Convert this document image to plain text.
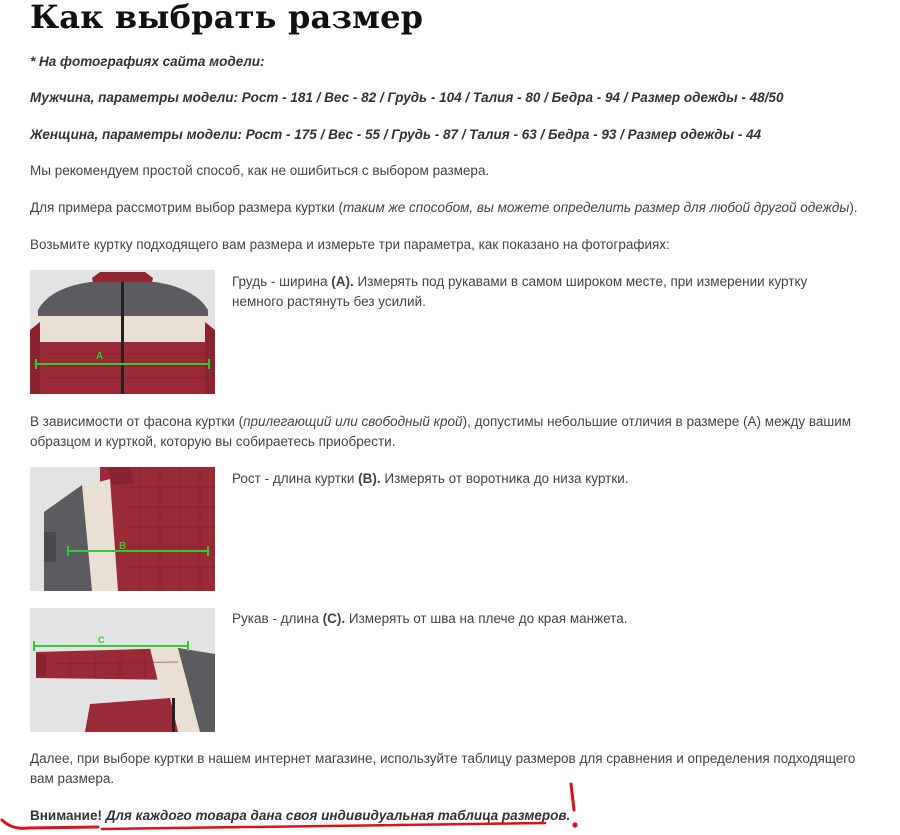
Как выбрать размер

* На фотографиях сайта модели:

Мужчина, параметры модели: Рост - 181 / Вес - 82 / Грудь - 104 / Талия - 80 / Бедра - 94 / Размер одежды - 48/50

Женщина, параметры модели: Рост - 175 / Вес - 55 / Грудь - 87 / Талия - 63 / Бедра - 93 / Размер одежды - 44

Мы рекомендуем простой способ, как не ошибиться с выбором размера.

Для примера рассмотрим выбор размера куртки (таким же способом, вы можете определить размер для любой другой одежды).

Возьмите куртку подходящего вам размера и измерьте три параметра, как показано на фотографиях:

A

Грудь - ширина (A). Измерять под рукавами в самом широком месте, при измерении куртку немного растянуть без усилий.

В зависимости от фасона куртки (прилегающий или свободный крой), допустимы небольшие отличия в размере (A) между вашим образцом и курткой, которую вы собираетесь приобрести.

B

Рост - длина куртки (B). Измерять от воротника до низа куртки.

C

Рукав - длина (C). Измерять от шва на плече до края манжета.

Далее, при выборе куртки в нашем интернет магазине, используйте таблицу размеров для сравнения и определения подходящего вам размера.

Внимание! Для каждого товара дана своя индивидуальная таблица размеров.
